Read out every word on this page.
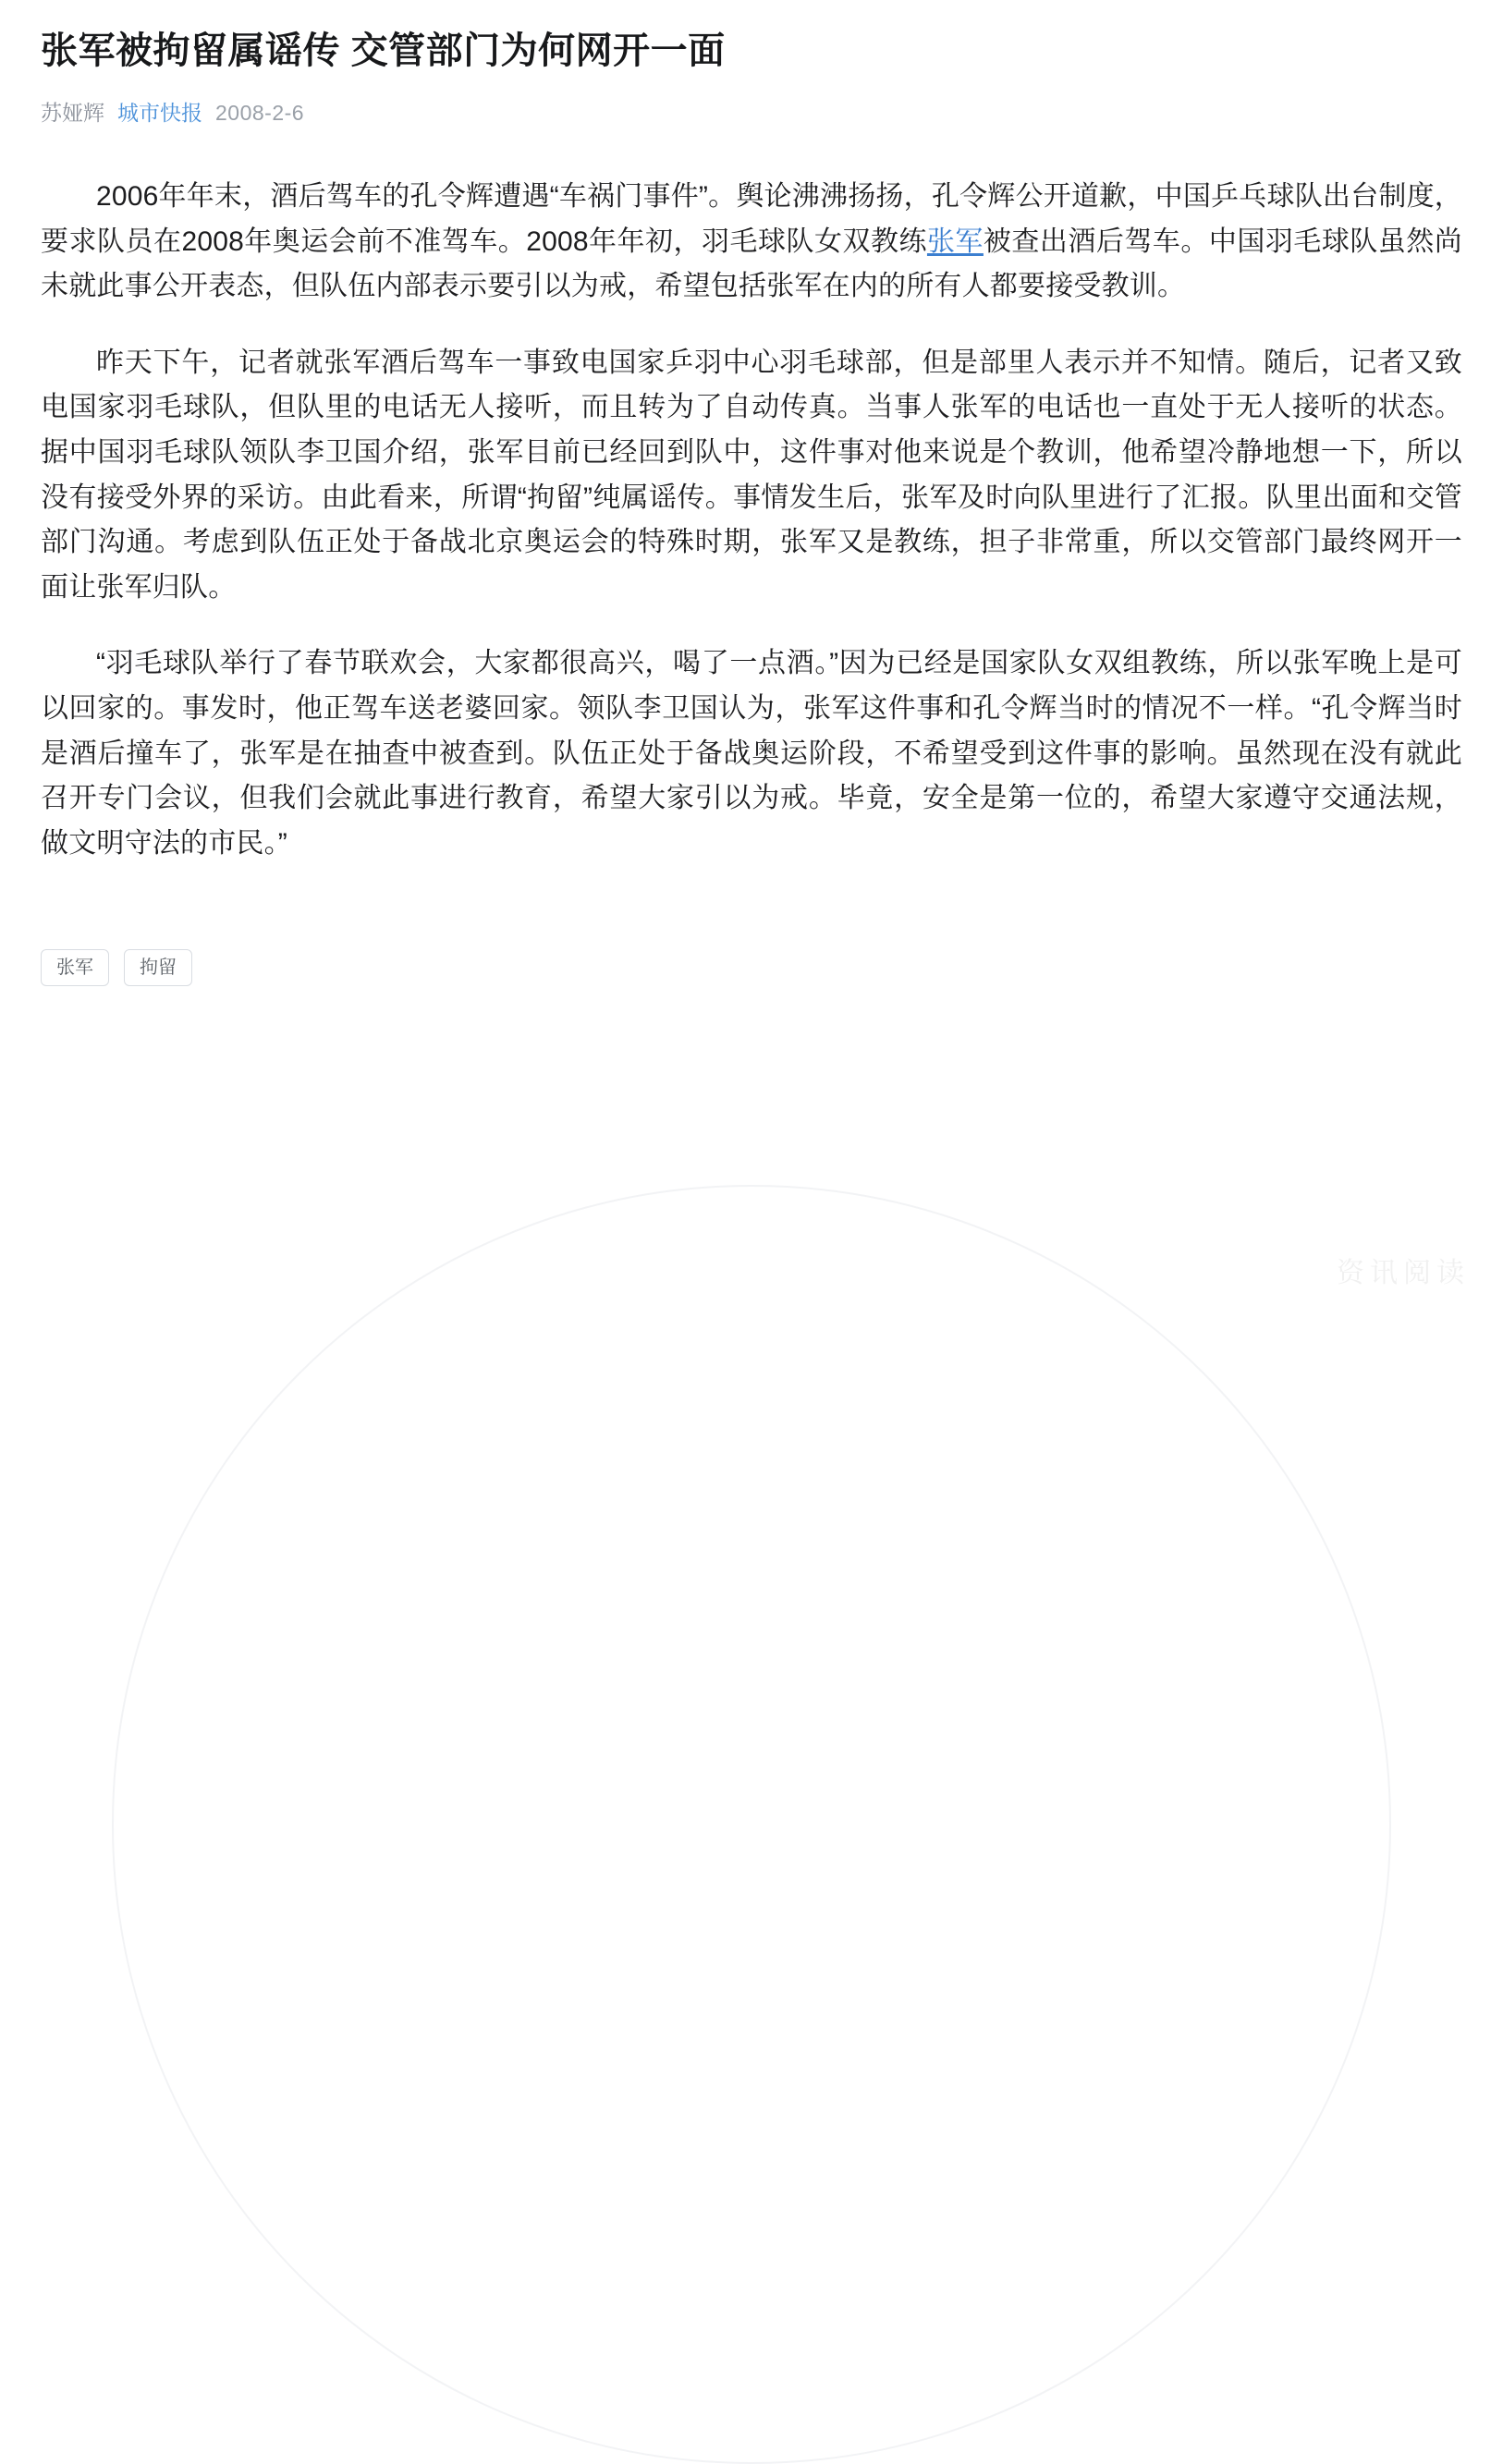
张军被拘留属谣传 交管部门为何网开一面
苏娅辉 城市快报 2008-2-6

2006年年末，酒后驾车的孔令辉遭遇“车祸门事件”。舆论沸沸扬扬，孔令辉公开道歉，中国乒乓球队出台制度，要求队员在2008年奥运会前不准驾车。2008年年初，羽毛球队女双教练张军被查出酒后驾车。中国羽毛球队虽然尚未就此事公开表态，但队伍内部表示要引以为戒，希望包括张军在内的所有人都要接受教训。

昨天下午，记者就张军酒后驾车一事致电国家乒羽中心羽毛球部，但是部里人表示并不知情。随后，记者又致电国家羽毛球队，但队里的电话无人接听，而且转为了自动传真。当事人张军的电话也一直处于无人接听的状态。据中国羽毛球队领队李卫国介绍，张军目前已经回到队中，这件事对他来说是个教训，他希望冷静地想一下，所以没有接受外界的采访。由此看来，所谓“拘留”纯属谣传。事情发生后，张军及时向队里进行了汇报。队里出面和交管部门沟通。考虑到队伍正处于备战北京奥运会的特殊时期，张军又是教练，担子非常重，所以交管部门最终网开一面让张军归队。

“羽毛球队举行了春节联欢会，大家都很高兴，喝了一点酒。”因为已经是国家队女双组教练，所以张军晚上是可以回家的。事发时，他正驾车送老婆回家。领队李卫国认为，张军这件事和孔令辉当时的情况不一样。“孔令辉当时是酒后撞车了，张军是在抽查中被查到。队伍正处于备战奥运阶段，不希望受到这件事的影响。虽然现在没有就此召开专门会议，但我们会就此事进行教育，希望大家引以为戒。毕竟，安全是第一位的，希望大家遵守交通法规，做文明守法的市民。”

张军	拘留
资讯阅读
